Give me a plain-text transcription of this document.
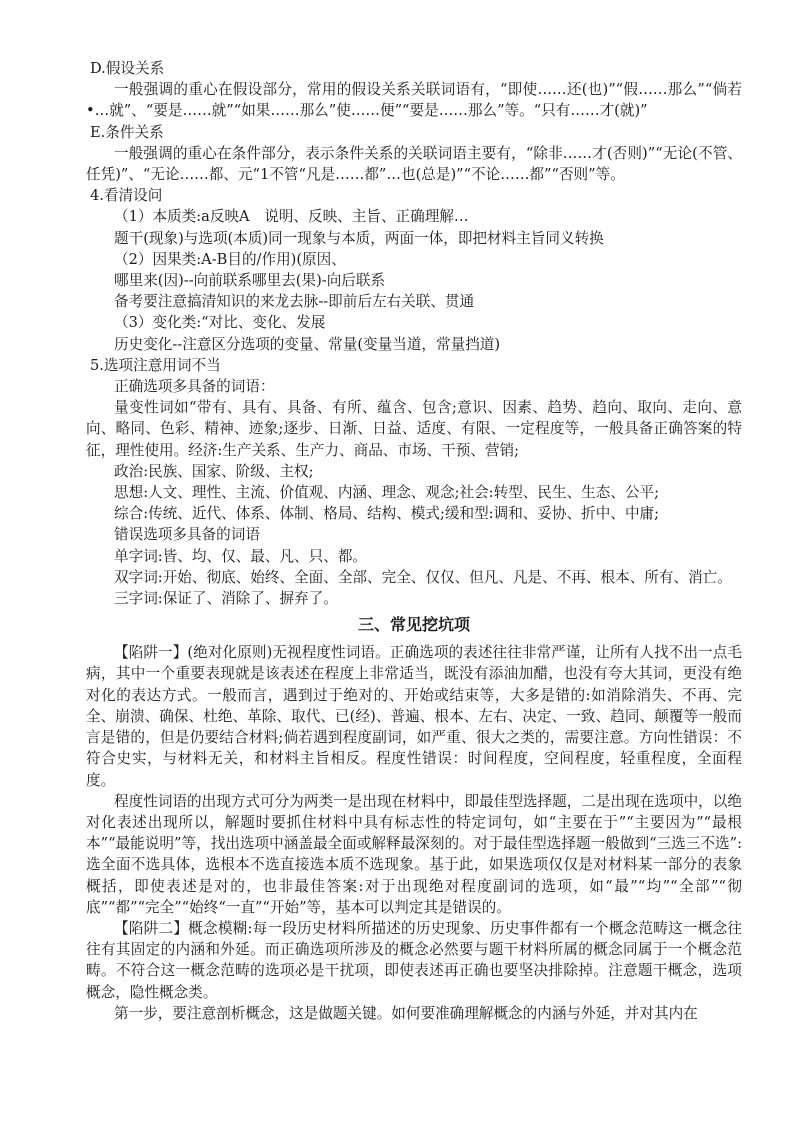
D.假设关系

一般强调的重心在假设部分，常用的假设关系关联词语有，“即使……还(也)”“假……那么”“倘若•…就”、“要是……就”“如果……那么”使……便”“要是……那么”等。“只有……才(就)”

E.条件关系

一般强调的重心在条件部分，表示条件关系的关联词语主要有，“除非……才(否则)”“无论(不管、任凭)”、“无论……都、元“1不管“凡是……都”…也(总是)”“不论……都”“否则”等。

4.看清设问

（1）本质类:a反映A　说明、反映、主旨、正确理解…

题干(现象)与选项(本质)同一现象与本质，两面一体，即把材料主旨同义转换

（2）因果类:A-B目的/作用)(原因、

哪里来(因)--向前联系哪里去(果)-向后联系

备考要注意搞清知识的来龙去脉--即前后左右关联、贯通

（3）变化类:“对比、变化、发展

历史变化--注意区分选项的变量、常量(变量当道，常量挡道)

5.选项注意用词不当

正确选项多具备的词语：

量变性词如“带有、具有、具备、有所、蕴含、包含;意识、因素、趋势、趋向、取向、走向、意向、略同、色彩、精神、迹象;逐步、日渐、日益、适度、有限、一定程度等，一般具备正确答案的特征，理性使用。经济:生产关系、生产力、商品、市场、干预、营销;

政治:民族、国家、阶级、主权;

思想:人文、理性、主流、价值观、内涵、理念、观念;社会:转型、民生、生态、公平;

综合:传统、近代、体系、体制、格局、结构、模式;缓和型:调和、妥协、折中、中庸;

错误选项多具备的词语

单字词:皆、均、仅、最、凡、只、都。

双字词:开始、彻底、始终、全面、全部、完全、仅仅、但凡、凡是、不再、根本、所有、消亡。

三字词:保证了、消除了、摒弃了。

三、常见挖坑项

【陷阱一】(绝对化原则)无视程度性词语。正确选项的表述往往非常严谨，让所有人找不出一点毛病，其中一个重要表现就是该表述在程度上非常适当，既没有添油加醋，也没有夸大其词，更没有绝对化的表达方式。一般而言，遇到过于绝对的、开始或结束等，大多是错的:如消除消失、不再、完全、崩溃、确保、杜绝、革除、取代、已(经)、普遍、根本、左右、决定、一致、趋同、颠覆等一般而言是错的，但是仍要结合材料;倘若遇到程度副词，如严重、很大之类的，需要注意。方向性错误：不符合史实，与材料无关，和材料主旨相反。程度性错误：时间程度，空间程度，轻重程度，全面程度。

程度性词语的出现方式可分为两类一是出现在材料中，即最佳型选择题，二是出现在选项中，以绝对化表述出现所以，解题时要抓住材料中具有标志性的特定词句，如“主要在于”“主要因为”“最根本”“最能说明”等，找出选项中涵盖最全面或解释最深刻的。对于最佳型选择题一般做到“三选三不选”:选全面不选具体，选根本不选直接选本质不选现象。基于此，如果选项仅仅是对材料某一部分的表象概括，即使表述是对的，也非最佳答案:对于出现绝对程度副词的选项，如“最”“均”“全部”“彻底”“都”“完全”“始终“一直”“开始”等，基本可以判定其是错误的。

【陷阱二】概念模糊:每一段历史材料所描述的历史现象、历史事件都有一个概念范畴这一概念往往有其固定的内涵和外延。而正确选项所涉及的概念必然要与题干材料所属的概念同属于一个概念范畴。不符合这一概念范畴的选项必是干扰项，即使表述再正确也要坚决排除掉。注意题干概念，选项概念，隐性概念类。

第一步，要注意剖析概念，这是做题关键。如何要准确理解概念的内涵与外延，并对其内在
